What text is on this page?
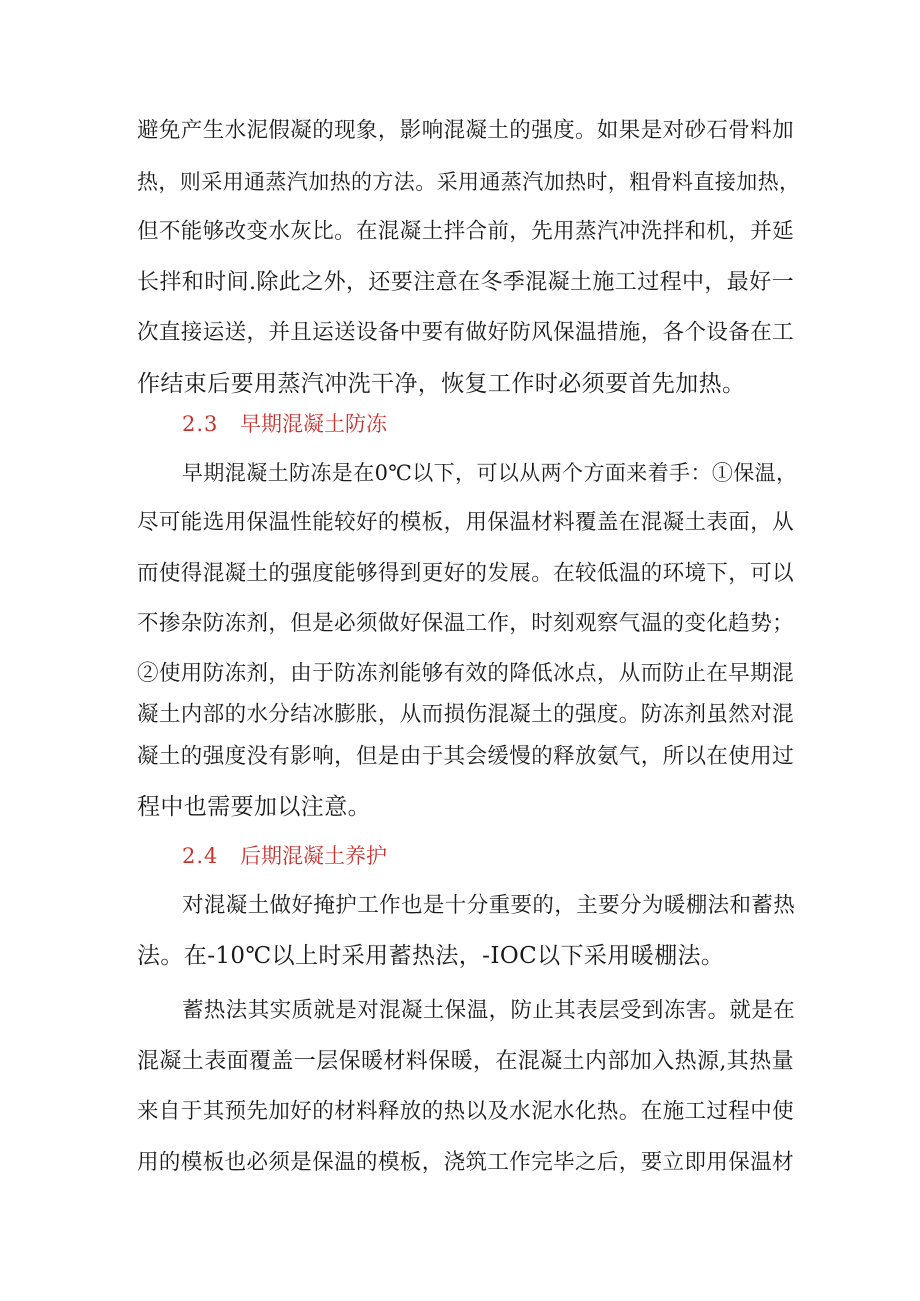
避免产生水泥假凝的现象，影响混凝土的强度。如果是对砂石骨料加
热，则采用通蒸汽加热的方法。采用通蒸汽加热时，粗骨料直接加热，
但不能够改变水灰比。在混凝土拌合前，先用蒸汽冲洗拌和机，并延
长拌和时间.除此之外，还要注意在冬季混凝土施工过程中，最好一
次直接运送，并且运送设备中要有做好防风保温措施，各个设备在工
作结束后要用蒸汽冲洗干净，恢复工作时必须要首先加热。
2.3 早期混凝土防冻
早期混凝土防冻是在0℃以下，可以从两个方面来着手：①保温，
尽可能选用保温性能较好的模板，用保温材料覆盖在混凝土表面，从
而使得混凝土的强度能够得到更好的发展。在较低温的环境下，可以
不掺杂防冻剂，但是必须做好保温工作，时刻观察气温的变化趋势；
②使用防冻剂，由于防冻剂能够有效的降低冰点，从而防止在早期混
凝土内部的水分结冰膨胀，从而损伤混凝土的强度。防冻剂虽然对混
凝土的强度没有影响，但是由于其会缓慢的释放氨气，所以在使用过
程中也需要加以注意。
2.4 后期混凝土养护
对混凝土做好掩护工作也是十分重要的，主要分为暖棚法和蓄热
法。在-10℃以上时采用蓄热法，-IOC以下采用暖棚法。
蓄热法其实质就是对混凝土保温，防止其表层受到冻害。就是在
混凝土表面覆盖一层保暖材料保暖，在混凝土内部加入热源,其热量
来自于其预先加好的材料释放的热以及水泥水化热。在施工过程中使
用的模板也必须是保温的模板，浇筑工作完毕之后，要立即用保温材
